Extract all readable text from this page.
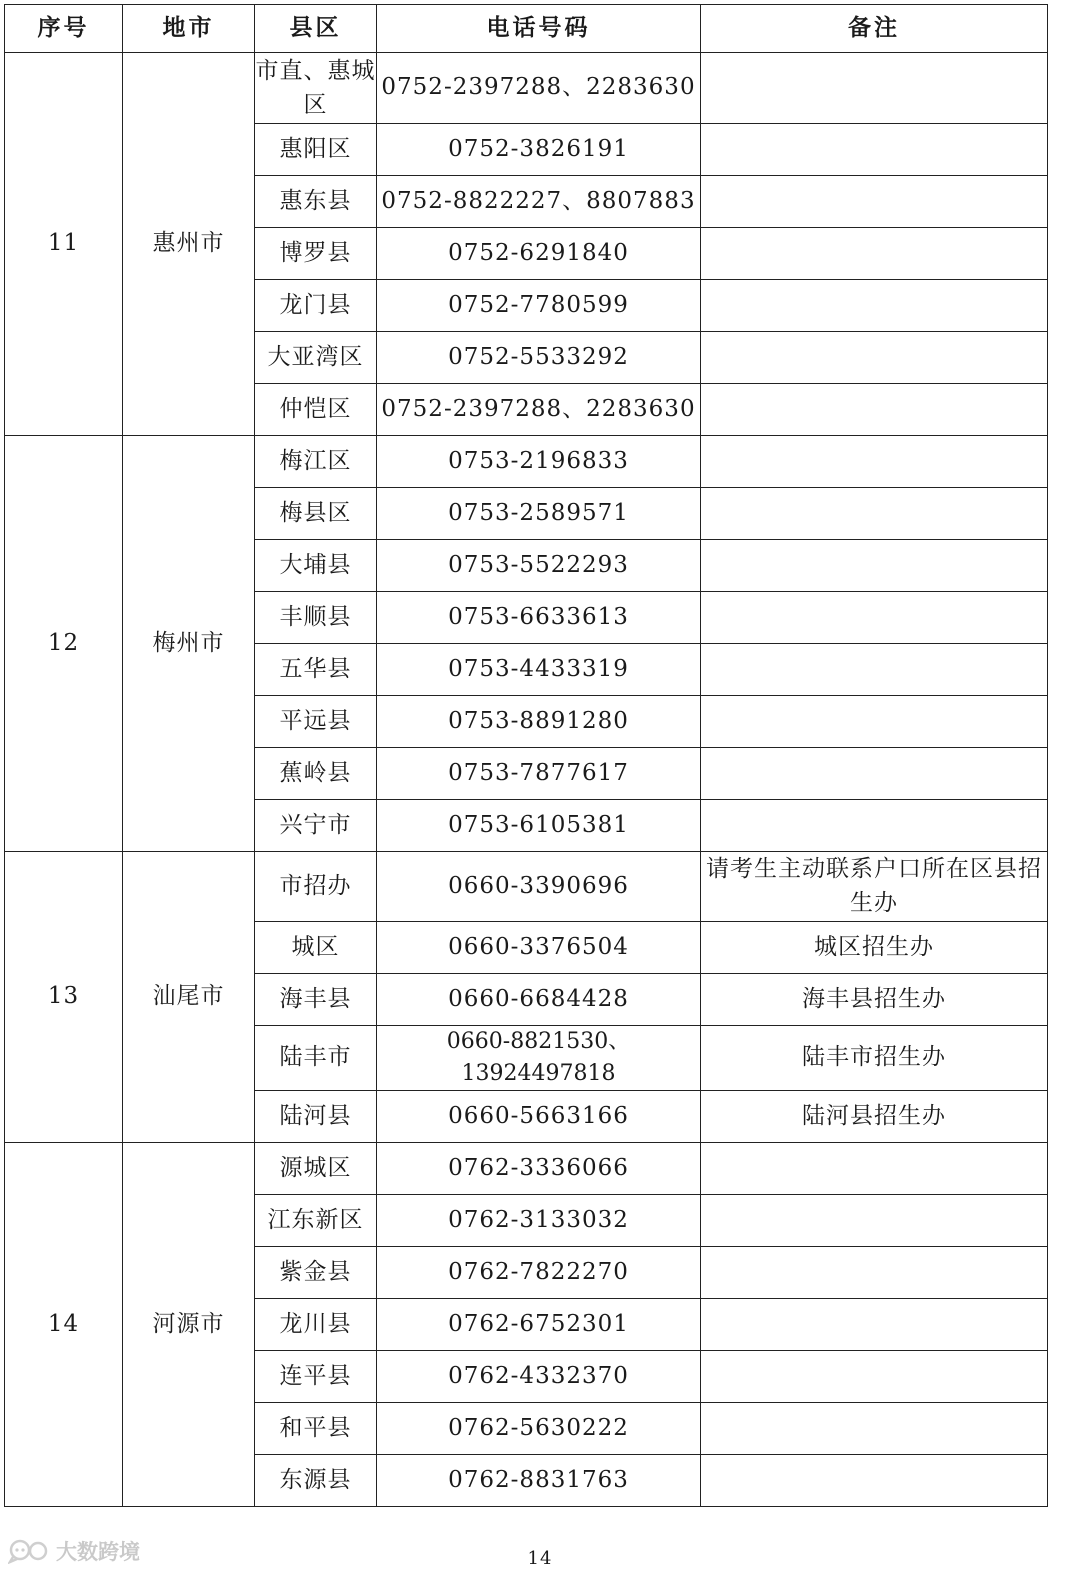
序号	地市	县区	电话号码	备注
11	惠州市	市直、惠城区	0752-2397288、2283630	
		惠阳区	0752-3826191	
		惠东县	0752-8822227、8807883	
		博罗县	0752-6291840	
		龙门县	0752-7780599	
		大亚湾区	0752-5533292	
		仲恺区	0752-2397288、2283630	
12	梅州市	梅江区	0753-2196833	
		梅县区	0753-2589571	
		大埔县	0753-5522293	
		丰顺县	0753-6633613	
		五华县	0753-4433319	
		平远县	0753-8891280	
		蕉岭县	0753-7877617	
		兴宁市	0753-6105381	
13	汕尾市	市招办	0660-3390696	请考生主动联系户口所在区县招生办
		城区	0660-3376504	城区招生办
		海丰县	0660-6684428	海丰县招生办
		陆丰市	0660-8821530、13924497818	陆丰市招生办
		陆河县	0660-5663166	陆河县招生办
14	河源市	源城区	0762-3336066	
		江东新区	0762-3133032	
		紫金县	0762-7822270	
		龙川县	0762-6752301	
		连平县	0762-4332370	
		和平县	0762-5630222	
		东源县	0762-8831763	
大数跨境	14
